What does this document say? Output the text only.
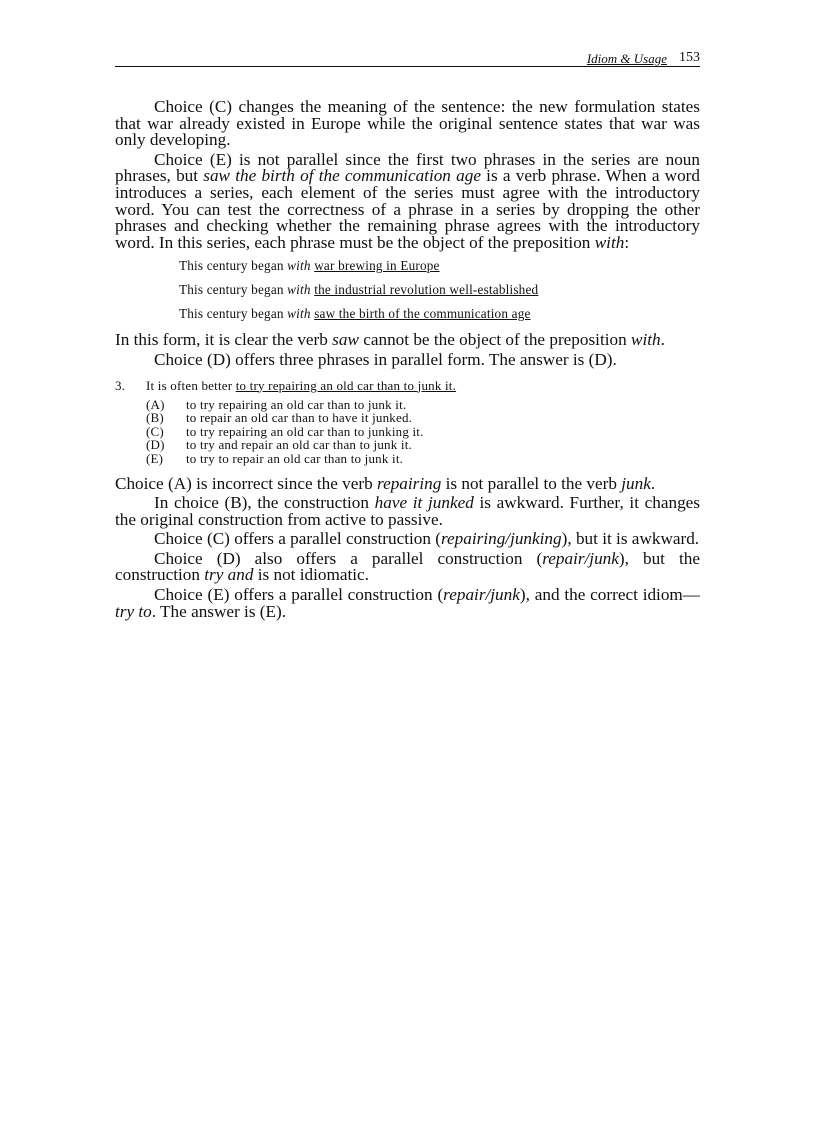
Idiom & Usage 153

Choice (C) changes the meaning of the sentence: the new formulation states that war already existed in Europe while the original sentence states that war was only developing.

Choice (E) is not parallel since the first two phrases in the series are noun phrases, but saw the birth of the communication age is a verb phrase. When a word introduces a series, each element of the series must agree with the introductory word. You can test the correctness of a phrase in a series by dropping the other phrases and checking whether the remaining phrase agrees with the introductory word. In this series, each phrase must be the object of the preposition with:

This century began with war brewing in Europe
This century began with the industrial revolution well-established
This century began with saw the birth of the communication age

In this form, it is clear the verb saw cannot be the object of the preposition with.

Choice (D) offers three phrases in parallel form. The answer is (D).

3. It is often better to try repairing an old car than to junk it.
(A)	to try repairing an old car than to junk it.
(B)	to repair an old car than to have it junked.
(C)	to try repairing an old car than to junking it.
(D)	to try and repair an old car than to junk it.
(E)	to try to repair an old car than to junk it.

Choice (A) is incorrect since the verb repairing is not parallel to the verb junk.

In choice (B), the construction have it junked is awkward. Further, it changes the original construction from active to passive.

Choice (C) offers a parallel construction (repairing/junking), but it is awkward.

Choice (D) also offers a parallel construction (repair/junk), but the construction try and is not idiomatic.

Choice (E) offers a parallel construction (repair/junk), and the correct idiom—try to. The answer is (E).
